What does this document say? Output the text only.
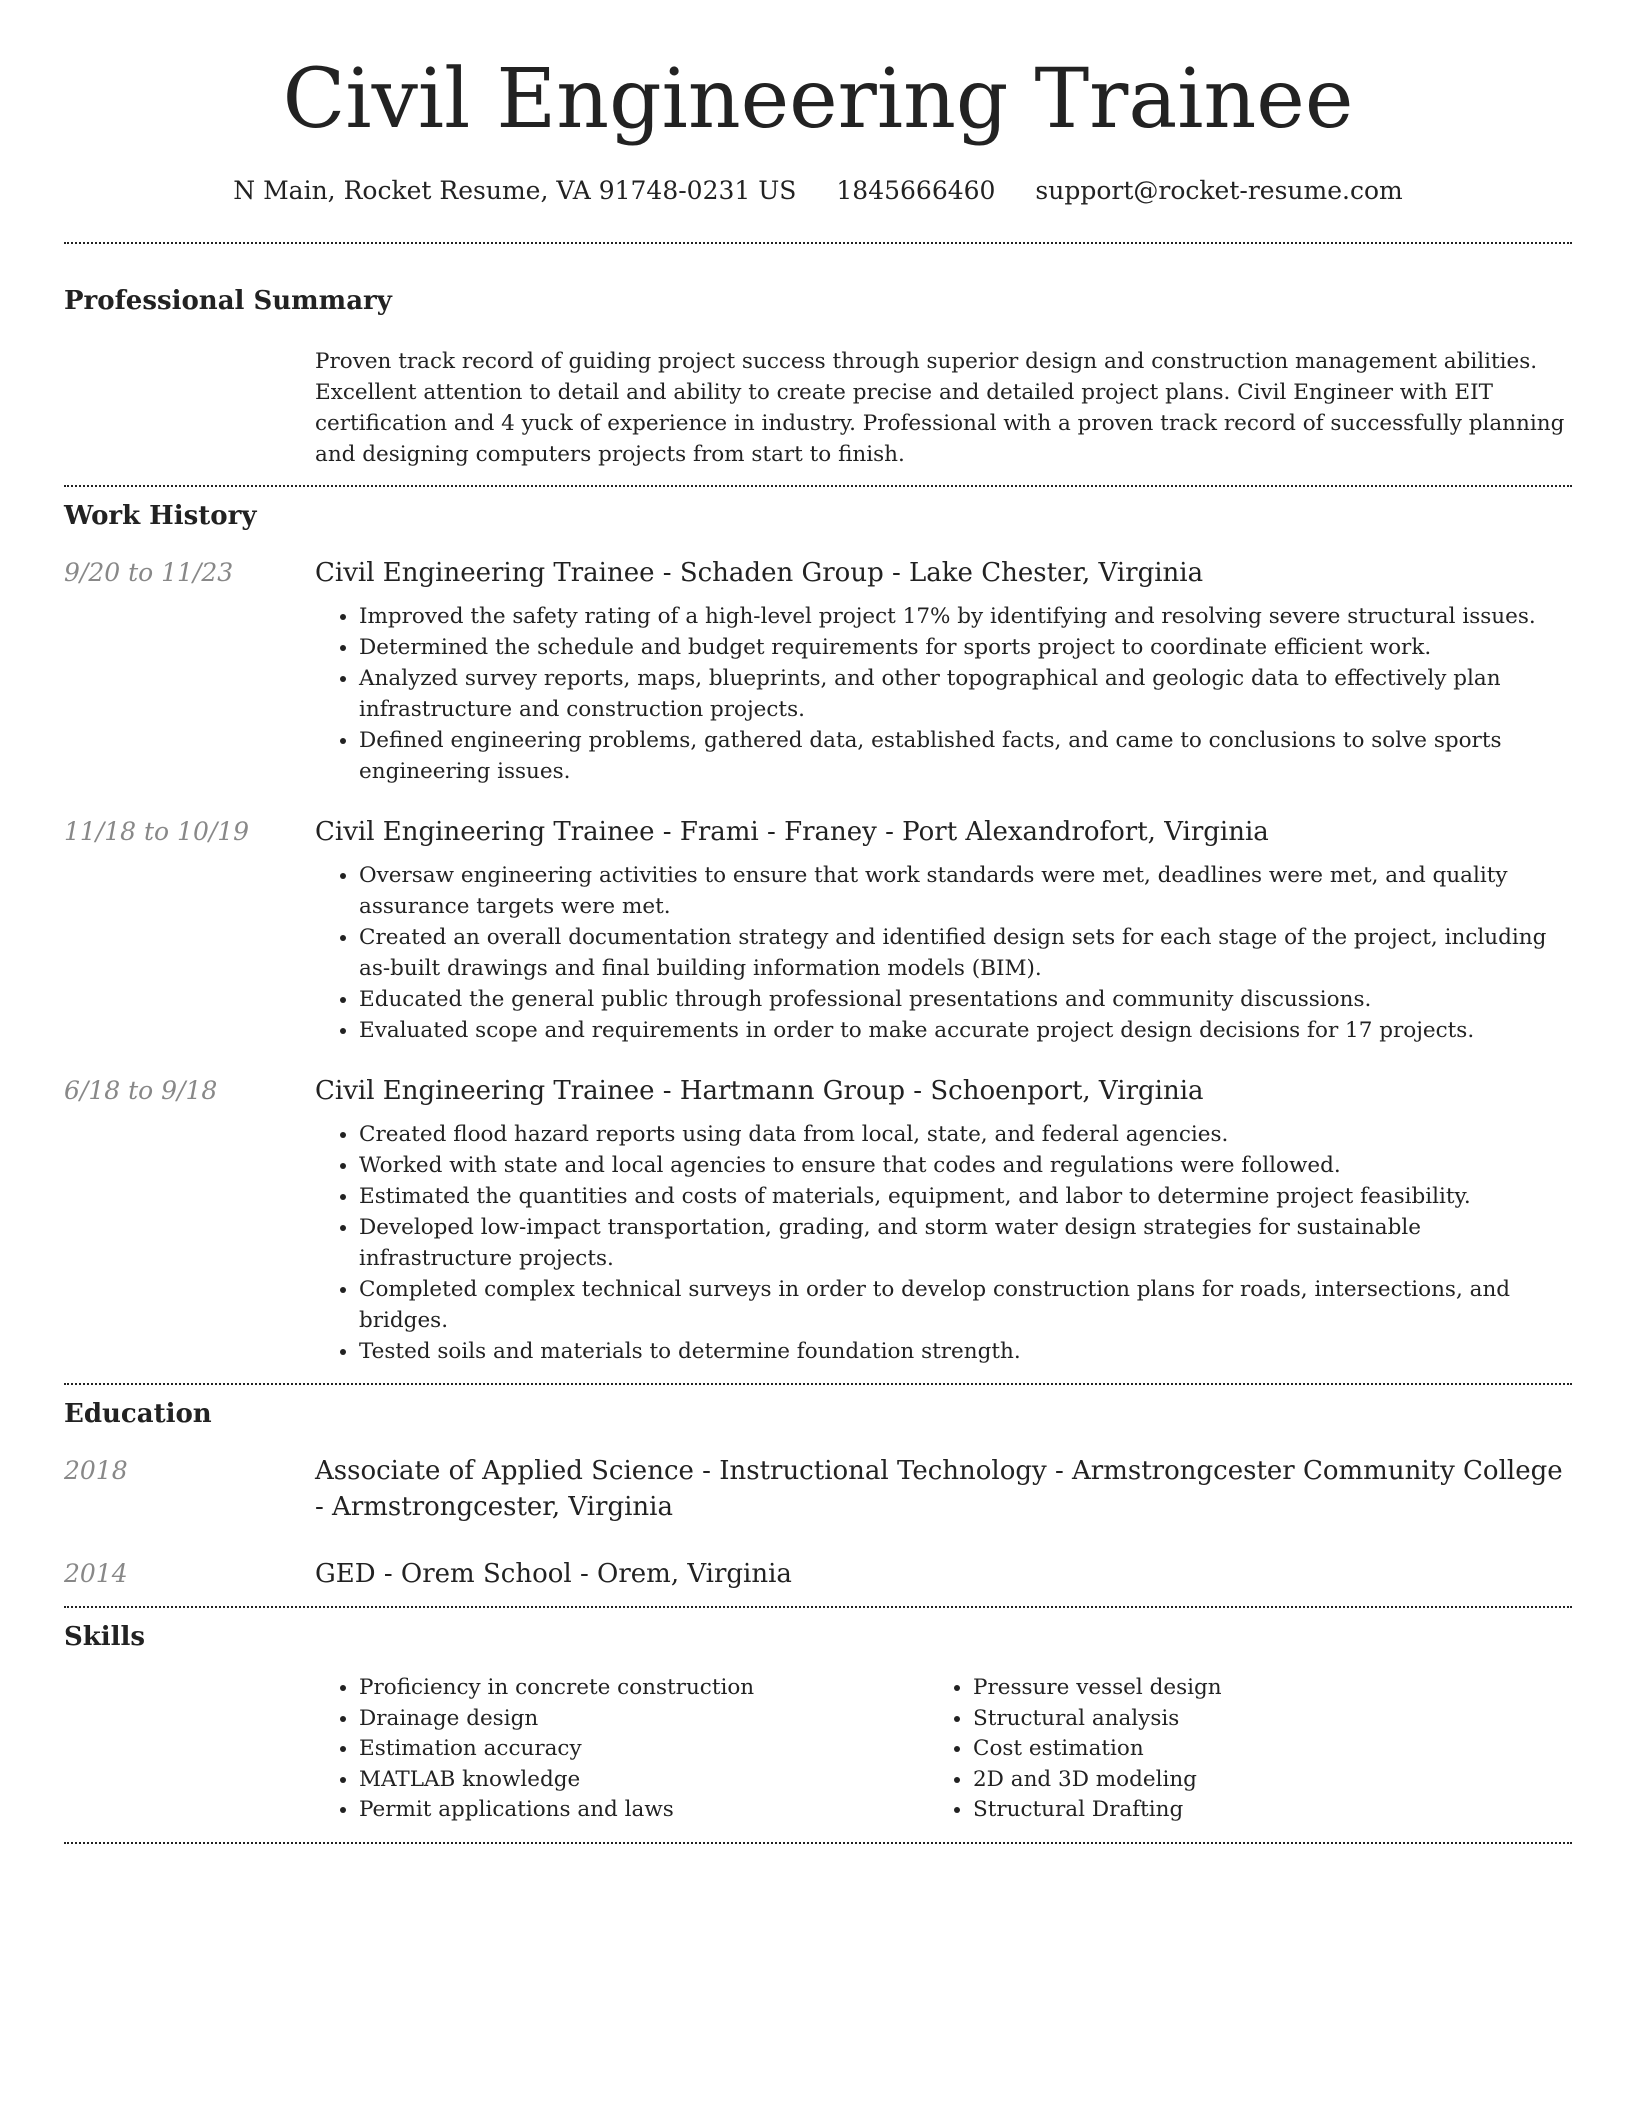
Civil Engineering Trainee
N Main, Rocket Resume, VA 91748-0231 US 1845666460 support@rocket-resume.com
Professional Summary

Proven track record of guiding project success through superior design and construction management abilities. Excellent attention to detail and ability to create precise and detailed project plans. Civil Engineer with EIT certification and 4 yuck of experience in industry. Professional with a proven track record of successfully planning and designing computers projects from start to finish.

Work History
9/20 to 11/23	Civil Engineering Trainee - Schaden Group - Lake Chester, Virginia

• Improved the safety rating of a high-level project 17% by identifying and resolving severe structural issues.
• Determined the schedule and budget requirements for sports project to coordinate efficient work.
• Analyzed survey reports, maps, blueprints, and other topographical and geologic data to effectively plan infrastructure and construction projects.
• Defined engineering problems, gathered data, established facts, and came to conclusions to solve sports engineering issues.
11/18 to 10/19	Civil Engineering Trainee - Frami - Franey - Port Alexandrofort, Virginia

• Oversaw engineering activities to ensure that work standards were met, deadlines were met, and quality assurance targets were met.
• Created an overall documentation strategy and identified design sets for each stage of the project, including as-built drawings and final building information models (BIM).
• Educated the general public through professional presentations and community discussions.
• Evaluated scope and requirements in order to make accurate project design decisions for 17 projects.
6/18 to 9/18	Civil Engineering Trainee - Hartmann Group - Schoenport, Virginia

• Created flood hazard reports using data from local, state, and federal agencies.
• Worked with state and local agencies to ensure that codes and regulations were followed.
• Estimated the quantities and costs of materials, equipment, and labor to determine project feasibility.
• Developed low-impact transportation, grading, and storm water design strategies for sustainable infrastructure projects.
• Completed complex technical surveys in order to develop construction plans for roads, intersections, and bridges.
• Tested soils and materials to determine foundation strength.
Education
2018	Associate of Applied Science - Instructional Technology - Armstrongcester Community College - Armstrongcester, Virginia

2014	GED - Orem School - Orem, Virginia

Skills
• Proficiency in concrete construction
• Drainage design
• Estimation accuracy
• MATLAB knowledge
• Permit applications and laws
• Pressure vessel design
• Structural analysis
• Cost estimation
• 2D and 3D modeling
• Structural Drafting
